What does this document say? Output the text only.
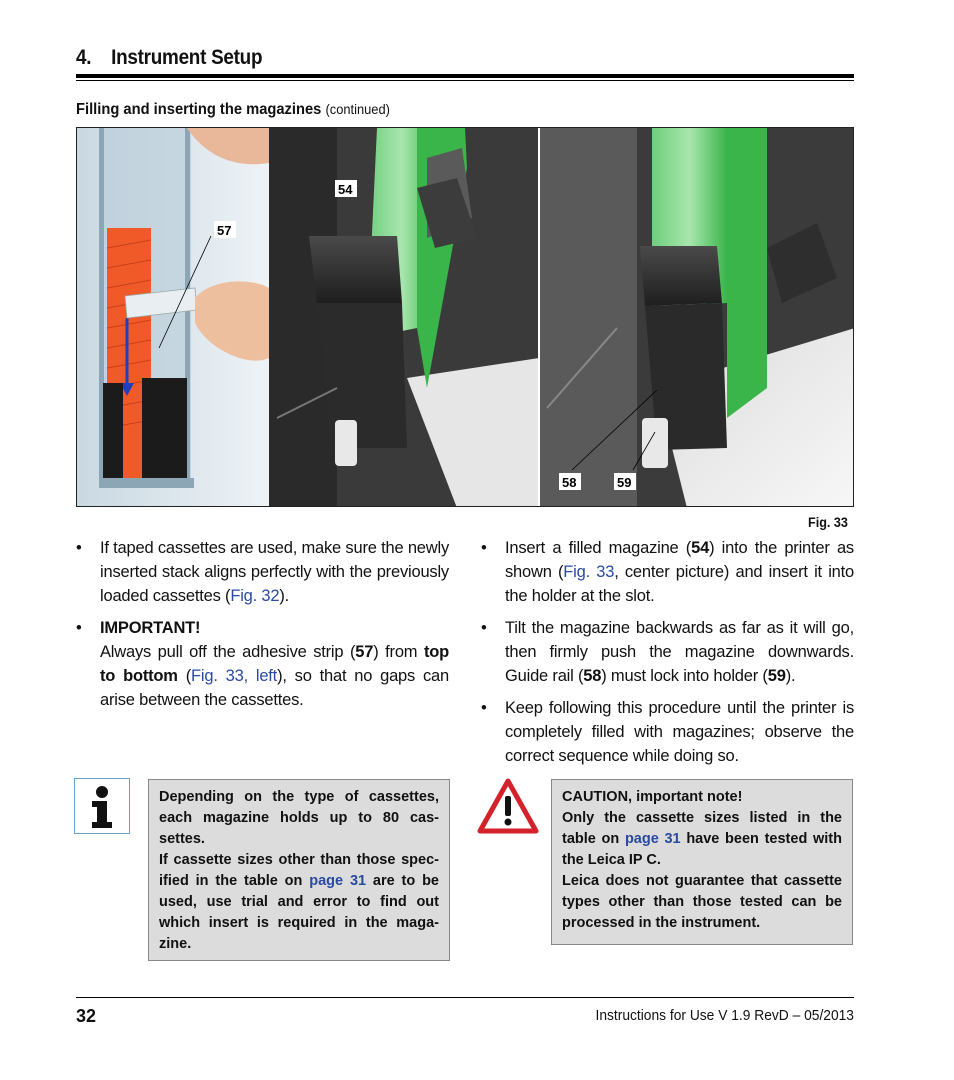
4.    Instrument Setup
Filling and inserting the magazines (continued)
57
54
58	59
Fig. 33
• If taped cassettes are used, make sure the newly inserted stack aligns perfectly with the previously loaded cassettes (Fig. 32).
• IMPORTANT!
Always pull off the adhesive strip (57) from top to bottom (Fig. 33, left), so that no gaps can arise between the cassettes.
• Insert a filled magazine (54) into the printer as shown (Fig. 33, center picture) and insert it into the holder at the slot.
• Tilt the magazine backwards as far as it will go, then firmly push the magazine downwards. Guide rail (58) must lock into holder (59).
• Keep following this procedure until the printer is completely filled with magazines; observe the correct sequence while doing so.
Depending on the type of cassettes, each magazine holds up to 80 cas-settes.
If cassette sizes other than those spec-ified in the table on page 31 are to be used, use trial and error to find out which insert is required in the maga-zine.
CAUTION, important note!
Only the cassette sizes listed in the table on page 31 have been tested with the Leica IP C.
Leica does not guarantee that cassette types other than those tested can be processed in the instrument.
32	Instructions for Use V 1.9 RevD – 05/2013
